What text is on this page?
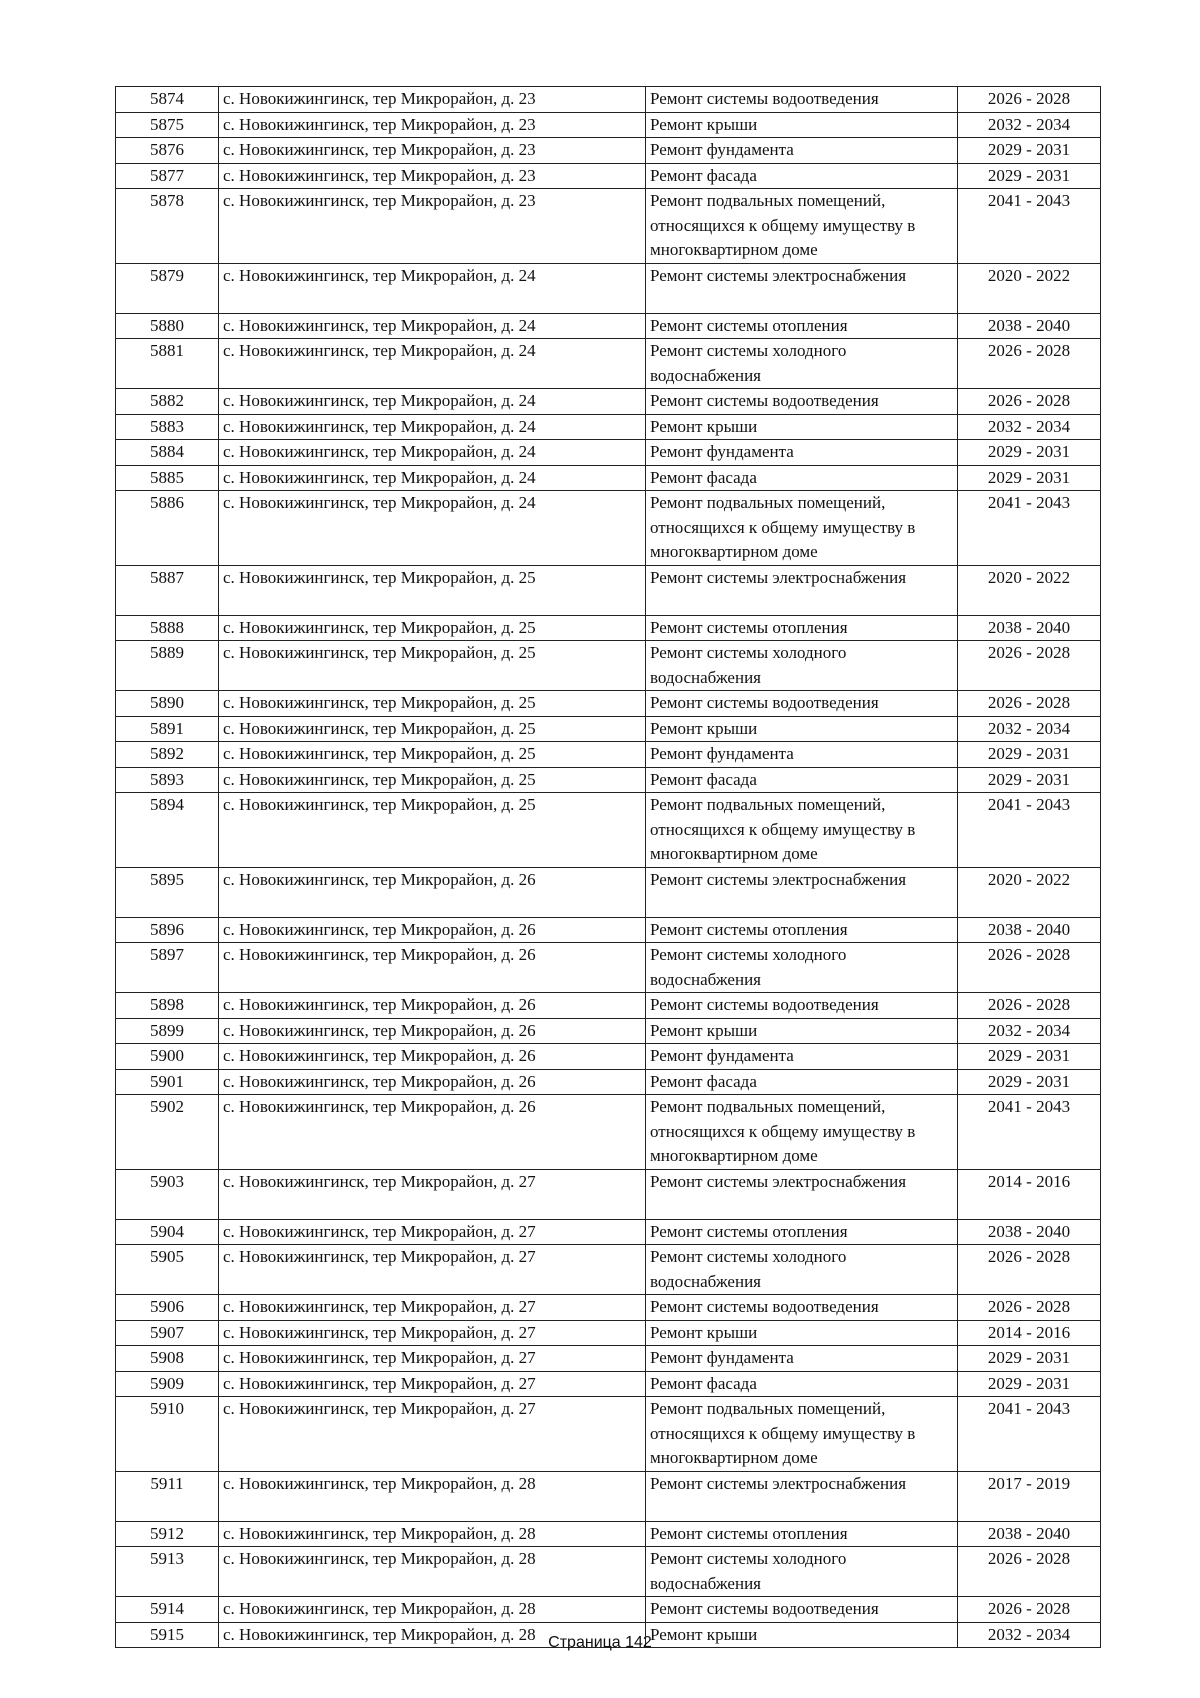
5874	с. Новокижингинск, тер Микрорайон, д. 23	Ремонт системы водоотведения	2026 - 2028
5875	с. Новокижингинск, тер Микрорайон, д. 23	Ремонт крыши	2032 - 2034
5876	с. Новокижингинск, тер Микрорайон, д. 23	Ремонт фундамента	2029 - 2031
5877	с. Новокижингинск, тер Микрорайон, д. 23	Ремонт фасада	2029 - 2031
5878	с. Новокижингинск, тер Микрорайон, д. 23	Ремонт подвальных помещений, относящихся к общему имуществу в многоквартирном доме	2041 - 2043
5879	с. Новокижингинск, тер Микрорайон, д. 24	Ремонт системы электроснабжения	2020 - 2022
5880	с. Новокижингинск, тер Микрорайон, д. 24	Ремонт системы отопления	2038 - 2040
5881	с. Новокижингинск, тер Микрорайон, д. 24	Ремонт системы холодного водоснабжения	2026 - 2028
5882	с. Новокижингинск, тер Микрорайон, д. 24	Ремонт системы водоотведения	2026 - 2028
5883	с. Новокижингинск, тер Микрорайон, д. 24	Ремонт крыши	2032 - 2034
5884	с. Новокижингинск, тер Микрорайон, д. 24	Ремонт фундамента	2029 - 2031
5885	с. Новокижингинск, тер Микрорайон, д. 24	Ремонт фасада	2029 - 2031
5886	с. Новокижингинск, тер Микрорайон, д. 24	Ремонт подвальных помещений, относящихся к общему имуществу в многоквартирном доме	2041 - 2043
5887	с. Новокижингинск, тер Микрорайон, д. 25	Ремонт системы электроснабжения	2020 - 2022
5888	с. Новокижингинск, тер Микрорайон, д. 25	Ремонт системы отопления	2038 - 2040
5889	с. Новокижингинск, тер Микрорайон, д. 25	Ремонт системы холодного водоснабжения	2026 - 2028
5890	с. Новокижингинск, тер Микрорайон, д. 25	Ремонт системы водоотведения	2026 - 2028
5891	с. Новокижингинск, тер Микрорайон, д. 25	Ремонт крыши	2032 - 2034
5892	с. Новокижингинск, тер Микрорайон, д. 25	Ремонт фундамента	2029 - 2031
5893	с. Новокижингинск, тер Микрорайон, д. 25	Ремонт фасада	2029 - 2031
5894	с. Новокижингинск, тер Микрорайон, д. 25	Ремонт подвальных помещений, относящихся к общему имуществу в многоквартирном доме	2041 - 2043
5895	с. Новокижингинск, тер Микрорайон, д. 26	Ремонт системы электроснабжения	2020 - 2022
5896	с. Новокижингинск, тер Микрорайон, д. 26	Ремонт системы отопления	2038 - 2040
5897	с. Новокижингинск, тер Микрорайон, д. 26	Ремонт системы холодного водоснабжения	2026 - 2028
5898	с. Новокижингинск, тер Микрорайон, д. 26	Ремонт системы водоотведения	2026 - 2028
5899	с. Новокижингинск, тер Микрорайон, д. 26	Ремонт крыши	2032 - 2034
5900	с. Новокижингинск, тер Микрорайон, д. 26	Ремонт фундамента	2029 - 2031
5901	с. Новокижингинск, тер Микрорайон, д. 26	Ремонт фасада	2029 - 2031
5902	с. Новокижингинск, тер Микрорайон, д. 26	Ремонт подвальных помещений, относящихся к общему имуществу в многоквартирном доме	2041 - 2043
5903	с. Новокижингинск, тер Микрорайон, д. 27	Ремонт системы электроснабжения	2014 - 2016
5904	с. Новокижингинск, тер Микрорайон, д. 27	Ремонт системы отопления	2038 - 2040
5905	с. Новокижингинск, тер Микрорайон, д. 27	Ремонт системы холодного водоснабжения	2026 - 2028
5906	с. Новокижингинск, тер Микрорайон, д. 27	Ремонт системы водоотведения	2026 - 2028
5907	с. Новокижингинск, тер Микрорайон, д. 27	Ремонт крыши	2014 - 2016
5908	с. Новокижингинск, тер Микрорайон, д. 27	Ремонт фундамента	2029 - 2031
5909	с. Новокижингинск, тер Микрорайон, д. 27	Ремонт фасада	2029 - 2031
5910	с. Новокижингинск, тер Микрорайон, д. 27	Ремонт подвальных помещений, относящихся к общему имуществу в многоквартирном доме	2041 - 2043
5911	с. Новокижингинск, тер Микрорайон, д. 28	Ремонт системы электроснабжения	2017 - 2019
5912	с. Новокижингинск, тер Микрорайон, д. 28	Ремонт системы отопления	2038 - 2040
5913	с. Новокижингинск, тер Микрорайон, д. 28	Ремонт системы холодного водоснабжения	2026 - 2028
5914	с. Новокижингинск, тер Микрорайон, д. 28	Ремонт системы водоотведения	2026 - 2028
5915	с. Новокижингинск, тер Микрорайон, д. 28	Ремонт крыши	2032 - 2034
Страница 142
